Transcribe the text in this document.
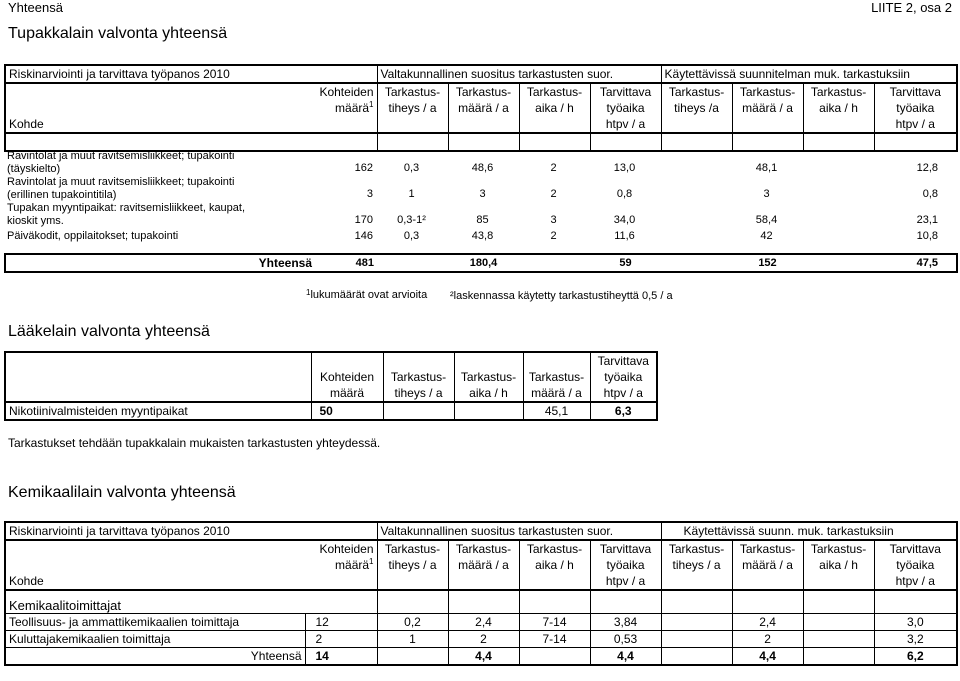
Yhteensä	LIITE 2, osa 2
Tupakkalain valvonta yhteensä
Riskinarviointi ja tarvittava työpanos 2010		Valtakunnallinen suositus tarkastusten suor.				Käytettävissä suunnitelman muk. tarkastuksiin			
	Kohteiden	Tarkastus-	Tarkastus-	Tarkastus-	Tarvittava	Tarkastus-	Tarkastus-	Tarkastus-	Tarvittava
	määrä$^1$	tiheys / a	määrä / a	aika / h	työaika	tiheys /a	määrä / a	aika / h	työaika
Kohde					htpv / a				htpv / a

Ravintolat ja muut ravitsemisliikkeet; tupakointi
(täyskielto)	162	0,3	48,6	2	13,0		48,1		12,8

Ravintolat ja muut ravitsemisliikkeet; tupakointi
(erillinen tupakointitila)	3	1	3	2	0,8		3		0,8

Tupakan myyntipaikat: ravitsemisliikkeet, kaupat,
kioskit yms.	170	0,3-1²	85	3	34,0		58,4		23,1
Päiväkodit, oppilaitokset; tupakointi	146	0,3	43,8	2	11,6		42		10,8
Yhteensä	481		180,4		59		152		47,5
$^1$lukumäärät ovat arvioita ²laskennassa käytetty tarkastustiheyttä 0,5 / a
Lääkelain valvonta yhteensä
					Tarvittava
	Kohteiden	Tarkastus-	Tarkastus-	Tarkastus-	työaika
	määrä	tiheys / a	aika / h	määrä / a	htpv / a
Nikotiinivalmisteiden myyntipaikat	50			45,1	6,3
Tarkastukset tehdään tupakkalain mukaisten tarkastusten yhteydessä.
Kemikaalilain valvonta yhteensä
Riskinarviointi ja tarvittava työpanos 2010		Valtakunnallinen suositus tarkastusten suor.				Käytettävissä suunn. muk. tarkastuksiin			
	Kohteiden	Tarkastus-	Tarkastus-	Tarkastus-	Tarvittava	Tarkastus-	Tarkastus-	Tarkastus-	Tarvittava
	määrä$^1$	tiheys / a	määrä / a	aika / h	työaika	tiheys / a	määrä / a	aika / h	työaika
Kohde					htpv / a				htpv / a
Kemikaalitoimittajat									
Teollisuus- ja ammattikemikaalien toimittaja	12	0,2	2,4	7-14	3,84		2,4		3,0
Kuluttajakemikaalien toimittaja	2	1	2	7-14	0,53		2		3,2
Yhteensä	14		4,4		4,4		4,4		6,2
